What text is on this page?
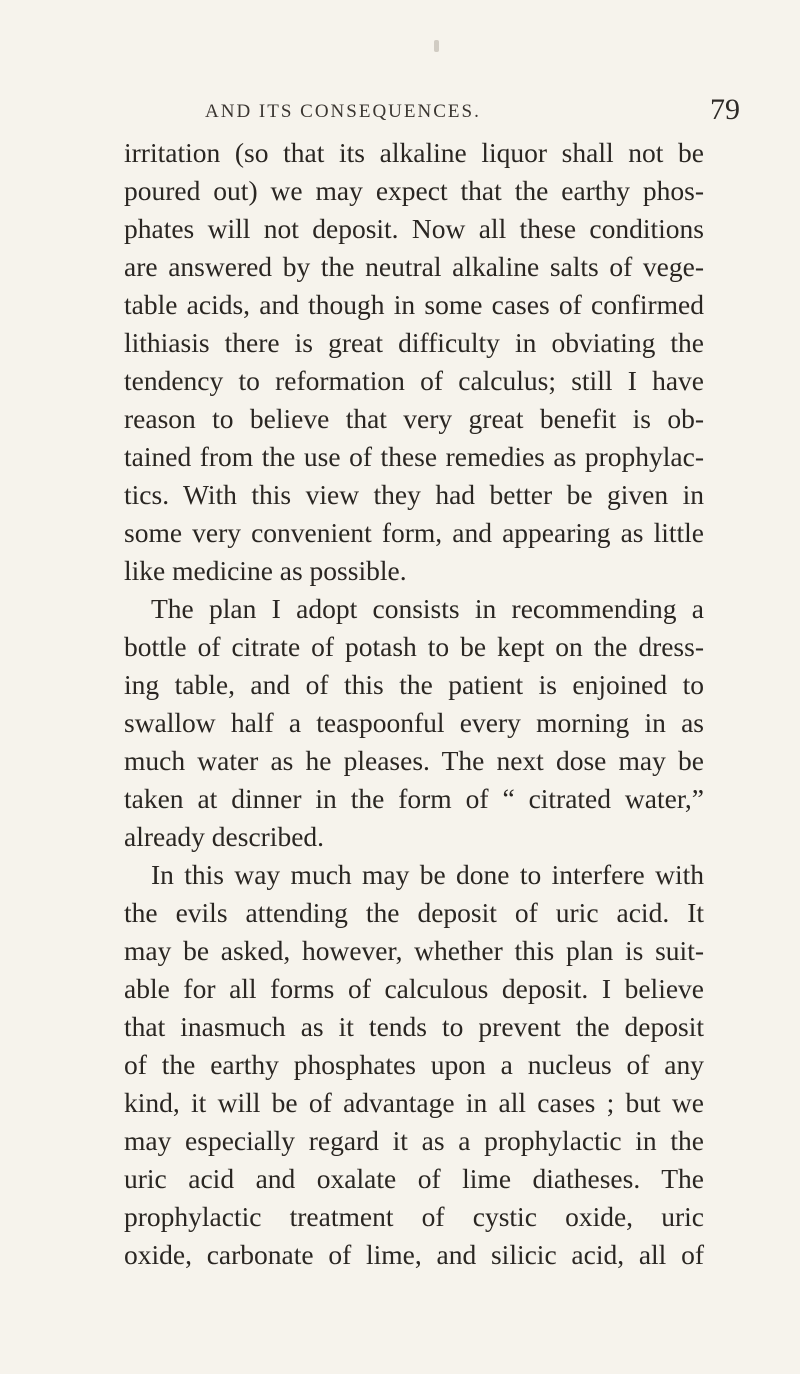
AND ITS CONSEQUENCES.	79
irritation (so that its alkaline liquor shall not be
poured out) we may expect that the earthy phos-
phates will not deposit. Now all these conditions
are answered by the neutral alkaline salts of vege-
table acids, and though in some cases of confirmed
lithiasis there is great difficulty in obviating the
tendency to reformation of calculus; still I have
reason to believe that very great benefit is ob-
tained from the use of these remedies as prophylac-
tics. With this view they had better be given in
some very convenient form, and appearing as little
like medicine as possible.
The plan I adopt consists in recommending a
bottle of citrate of potash to be kept on the dress-
ing table, and of this the patient is enjoined to
swallow half a teaspoonful every morning in as
much water as he pleases. The next dose may be
taken at dinner in the form of “ citrated water,”
already described.
In this way much may be done to interfere with
the evils attending the deposit of uric acid. It
may be asked, however, whether this plan is suit-
able for all forms of calculous deposit. I believe
that inasmuch as it tends to prevent the deposit
of the earthy phosphates upon a nucleus of any
kind, it will be of advantage in all cases ; but we
may especially regard it as a prophylactic in the
uric acid and oxalate of lime diatheses. The
prophylactic treatment of cystic oxide, uric
oxide, carbonate of lime, and silicic acid, all of
